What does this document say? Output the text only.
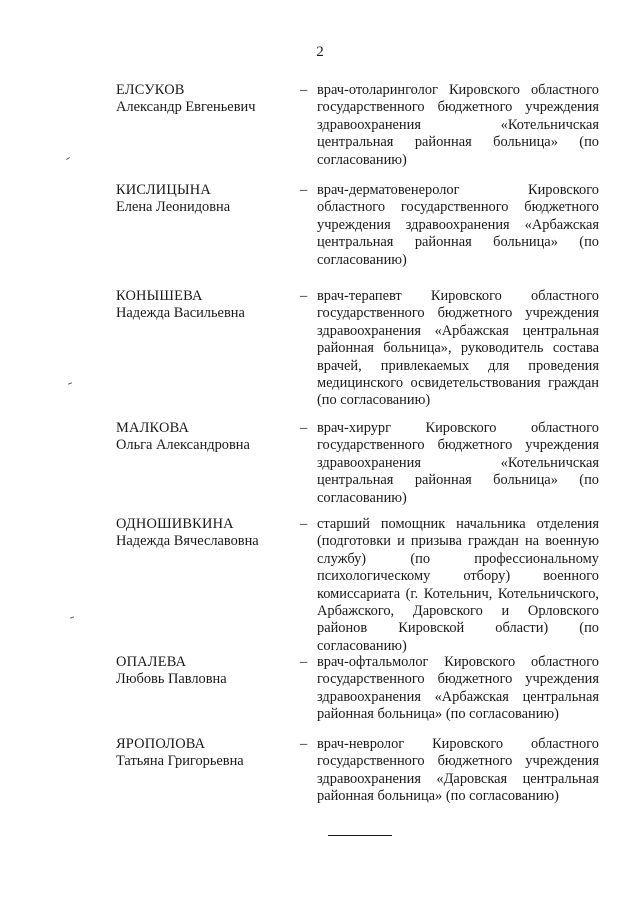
2
ЕЛСУКОВ
Александр Евгеньевич
– врач-отоларинголог Кировского областного государственного бюджетного учреждения здравоохранения «Котельничская центральная районная больница» (по согласованию)
КИСЛИЦЫНА
Елена Леонидовна
– врач-дерматовенеролог Кировского областного государственного бюджетного учреждения здравоохранения «Арбажская центральная районная больница» (по согласованию)
КОНЫШЕВА
Надежда Васильевна
– врач-терапевт Кировского областного государственного бюджетного учреждения здравоохранения «Арбажская центральная районная больница», руководитель состава врачей, привлекаемых для проведения медицинского освидетельствования граждан (по согласованию)
МАЛКОВА
Ольга Александровна
– врач-хирург Кировского областного государственного бюджетного учреждения здравоохранения «Котельничская центральная районная больница» (по согласованию)
ОДНОШИВКИНА
Надежда Вячеславовна
– старший помощник начальника отделения (подготовки и призыва граждан на военную службу) (по профессиональному психологическому отбору) военного комиссариата (г. Котельнич, Котельничского, Арбажского, Даровского и Орловского районов Кировской области) (по согласованию)
ОПАЛЕВА
Любовь Павловна
– врач-офтальмолог Кировского областного государственного бюджетного учреждения здравоохранения «Арбажская центральная районная больница» (по согласованию)
ЯРОПОЛОВА
Татьяна Григорьевна
– врач-невролог Кировского областного государственного бюджетного учреждения здравоохранения «Даровская центральная районная больница» (по согласованию)
